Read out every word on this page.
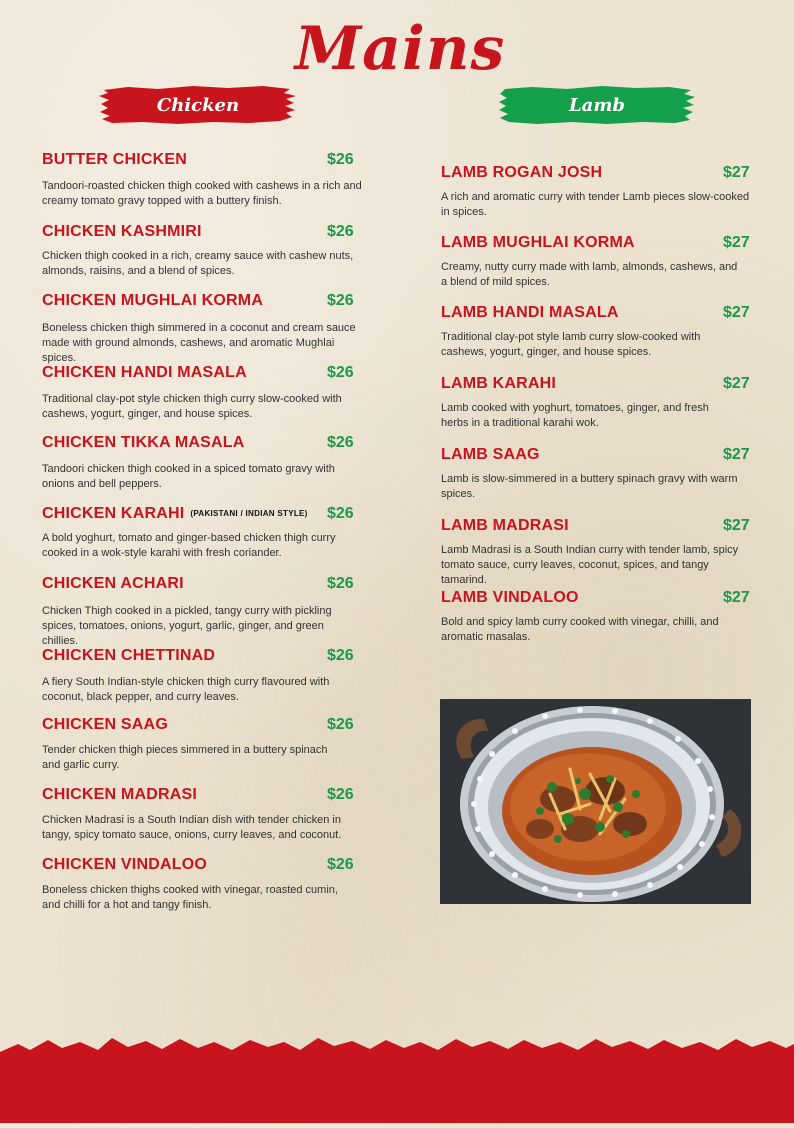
Mains
Chicken	Lamb
BUTTER CHICKEN	$26
Tandoori-roasted chicken thigh cooked with cashews in a rich and creamy tomato gravy topped with a buttery finish.
CHICKEN KASHMIRI	$26
Chicken thigh cooked in a rich, creamy sauce with cashew nuts, almonds, raisins, and a blend of spices.
CHICKEN MUGHLAI KORMA	$26
Boneless chicken thigh simmered in a coconut and cream sauce made with ground almonds, cashews, and aromatic Mughlai spices.
CHICKEN HANDI MASALA	$26
Traditional clay-pot style chicken thigh curry slow-cooked with cashews, yogurt, ginger, and house spices.
CHICKEN TIKKA MASALA	$26
Tandoori chicken thigh cooked in a spiced tomato gravy with onions and bell peppers.
CHICKEN KARAHI (PAKISTANI / INDIAN STYLE) $26
A bold yoghurt, tomato and ginger-based chicken thigh curry cooked in a wok-style karahi with fresh coriander.
CHICKEN ACHARI	$26
Chicken Thigh cooked in a pickled, tangy curry with pickling spices, tomatoes, onions, yogurt, garlic, ginger, and green chillies.
CHICKEN CHETTINAD	$26
A fiery South Indian-style chicken thigh curry flavoured with coconut, black pepper, and curry leaves.
CHICKEN SAAG	$26
Tender chicken thigh pieces simmered in a buttery spinach and garlic curry.
CHICKEN MADRASI	$26
Chicken Madrasi is a South Indian dish with tender chicken in tangy, spicy tomato sauce, onions, curry leaves, and coconut.
CHICKEN VINDALOO	$26
Boneless chicken thighs cooked with vinegar, roasted cumin, and chilli for a hot and tangy finish.
LAMB ROGAN JOSH	$27
A rich and aromatic curry with tender Lamb pieces slow-cooked in spices.
LAMB MUGHLAI KORMA	$27
Creamy, nutty curry made with lamb, almonds, cashews, and a blend of mild spices.
LAMB HANDI MASALA	$27
Traditional clay-pot style lamb curry slow-cooked with cashews, yogurt, ginger, and house spices.
LAMB KARAHI	$27
Lamb cooked with yoghurt, tomatoes, ginger, and fresh herbs in a traditional karahi wok.
LAMB SAAG	$27
Lamb is slow-simmered in a buttery spinach gravy with warm spices.
LAMB MADRASI	$27
Lamb Madrasi is a South Indian curry with tender lamb, spicy tomato sauce, curry leaves, coconut, spices, and tangy tamarind.
LAMB VINDALOO	$27
Bold and spicy lamb curry cooked with vinegar, chilli, and aromatic masalas.
